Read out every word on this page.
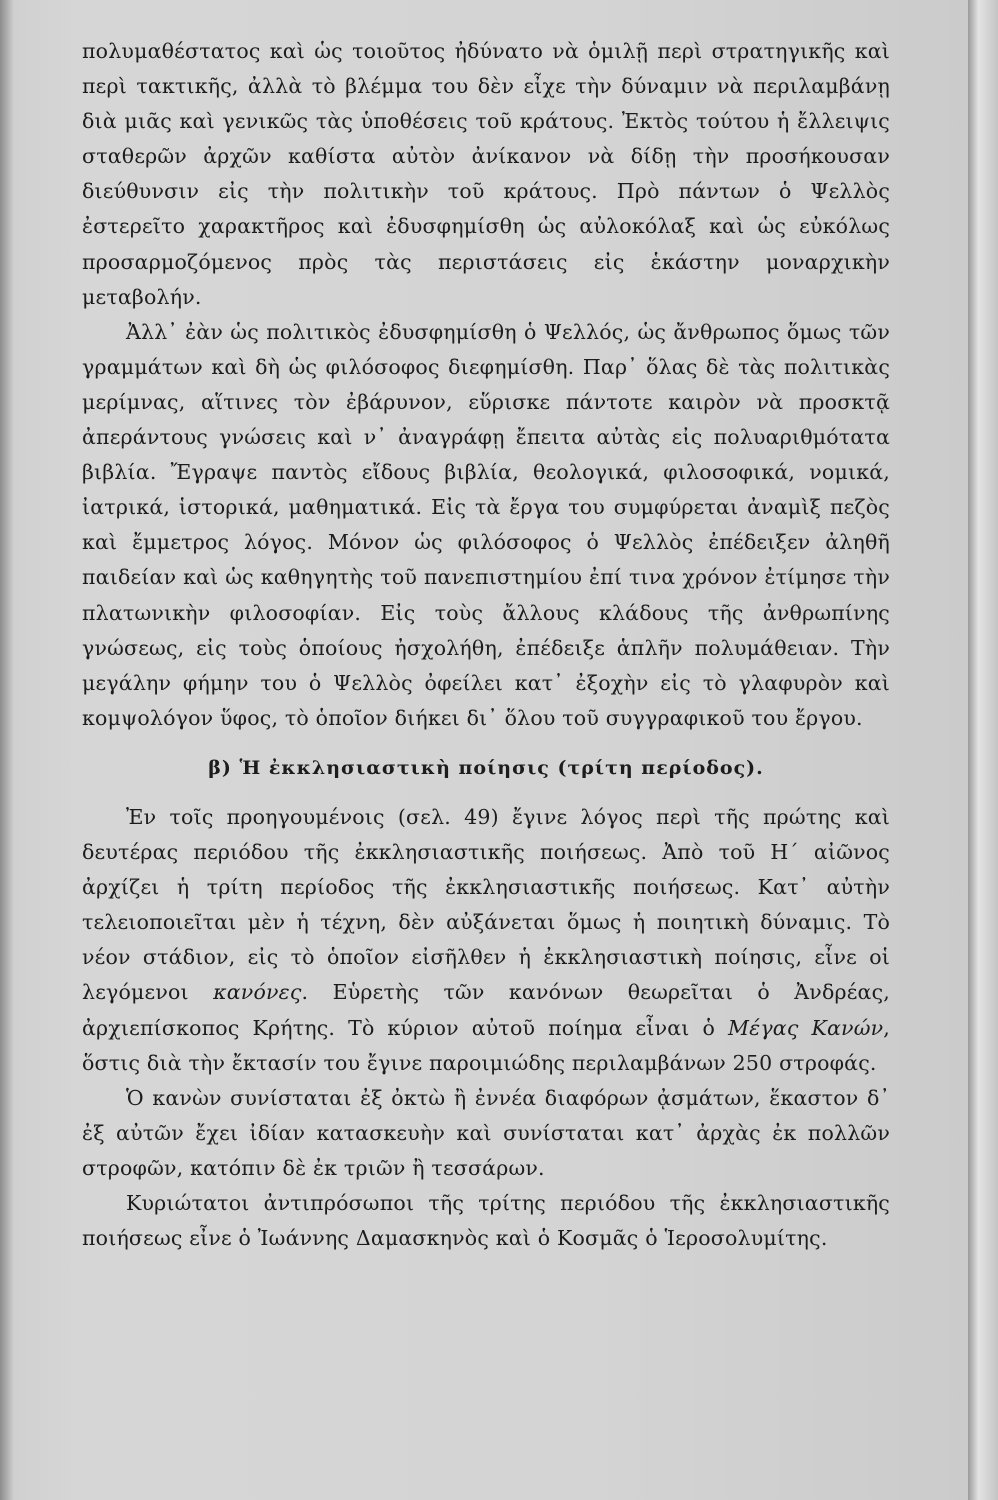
πολυμαθέστατος καὶ ὡς τοιοῦτος ἠδύνατο νὰ ὁμιλῇ περὶ στρατηγικῆς καὶ περὶ τακτικῆς, ἀλλὰ τὸ βλέμμα του δὲν εἶχε τὴν δύναμιν νὰ περιλαμβάνῃ διὰ μιᾶς καὶ γενικῶς τὰς ὑποθέσεις τοῦ κράτους. Ἐκτὸς τούτου ἡ ἔλλειψις σταθερῶν ἀρχῶν καθίστα αὐτὸν ἀνίκανον νὰ δίδῃ τὴν προσήκουσαν διεύθυνσιν εἰς τὴν πολιτικὴν τοῦ κράτους. Πρὸ πάντων ὁ Ψελλὸς ἐστερεῖτο χαρακτῆρος καὶ ἐδυσφημίσθη ὡς αὐλοκόλαξ καὶ ὡς εὐκόλως προσαρμοζόμενος πρὸς τὰς περιστάσεις εἰς ἑκάστην μοναρχικὴν μεταβολήν.

Ἀλλ᾽ ἐὰν ὡς πολιτικὸς ἐδυσφημίσθη ὁ Ψελλός, ὡς ἄνθρωπος ὅμως τῶν γραμμάτων καὶ δὴ ὡς φιλόσοφος διεφημίσθη. Παρ᾽ ὅλας δὲ τὰς πολιτικὰς μερίμνας, αἵτινες τὸν ἐβάρυνον, εὕρισκε πάντοτε καιρὸν νὰ προσκτᾷ ἀπεράντους γνώσεις καὶ ν᾽ ἀναγράφῃ ἔπειτα αὐτὰς εἰς πολυαριθμότατα βιβλία. Ἔγραψε παντὸς εἴδους βιβλία, θεολογικά, φιλοσοφικά, νομικά, ἰατρικά, ἱστορικά, μαθηματικά. Εἰς τὰ ἔργα του συμφύρεται ἀναμὶξ πεζὸς καὶ ἔμμετρος λόγος. Μόνον ὡς φιλόσοφος ὁ Ψελλὸς ἐπέδειξεν ἀληθῆ παιδείαν καὶ ὡς καθηγητὴς τοῦ πανεπιστημίου ἐπί τινα χρόνον ἐτίμησε τὴν πλατωνικὴν φιλοσοφίαν. Εἰς τοὺς ἄλλους κλάδους τῆς ἀνθρωπίνης γνώσεως, εἰς τοὺς ὁποίους ἠσχολήθη, ἐπέδειξε ἁπλῆν πολυμάθειαν. Τὴν μεγάλην φήμην του ὁ Ψελλὸς ὀφείλει κατ᾽ ἐξοχὴν εἰς τὸ γλαφυρὸν καὶ κομψολόγον ὕφος, τὸ ὁποῖον διήκει δι᾽ ὅλου τοῦ συγγραφικοῦ του ἔργου.

β) Ἡ ἐκκλησιαστικὴ ποίησις (τρίτη περίοδος).

Ἐν τοῖς προηγουμένοις (σελ. 49) ἔγινε λόγος περὶ τῆς πρώτης καὶ δευτέρας περιόδου τῆς ἐκκλησιαστικῆς ποιήσεως. Ἀπὸ τοῦ Η´ αἰῶνος ἀρχίζει ἡ τρίτη περίοδος τῆς ἐκκλησιαστικῆς ποιήσεως. Κατ᾽ αὐτὴν τελειοποιεῖται μὲν ἡ τέχνη, δὲν αὐξάνεται ὅμως ἡ ποιητικὴ δύναμις. Τὸ νέον στάδιον, εἰς τὸ ὁποῖον εἰσῆλθεν ἡ ἐκκλησιαστικὴ ποίησις, εἶνε οἱ λεγόμενοι κανόνες. Εὑρετὴς τῶν κανόνων θεωρεῖται ὁ Ἀνδρέας, ἀρχιεπίσκοπος Κρήτης. Τὸ κύριον αὐτοῦ ποίημα εἶναι ὁ Μέγας Κανών, ὅστις διὰ τὴν ἔκτασίν του ἔγινε παροιμιώδης περιλαμβάνων 250 στροφάς.

Ὁ κανὼν συνίσταται ἐξ ὀκτὼ ἢ ἐννέα διαφόρων ᾀσμάτων, ἕκαστον δ᾽ ἐξ αὐτῶν ἔχει ἰδίαν κατασκευὴν καὶ συνίσταται κατ᾽ ἀρχὰς ἐκ πολλῶν στροφῶν, κατόπιν δὲ ἐκ τριῶν ἢ τεσσάρων.

Κυριώτατοι ἀντιπρόσωποι τῆς τρίτης περιόδου τῆς ἐκκλησιαστικῆς ποιήσεως εἶνε ὁ Ἰωάννης Δαμασκηνὸς καὶ ὁ Κοσμᾶς ὁ Ἱεροσολυμίτης.
